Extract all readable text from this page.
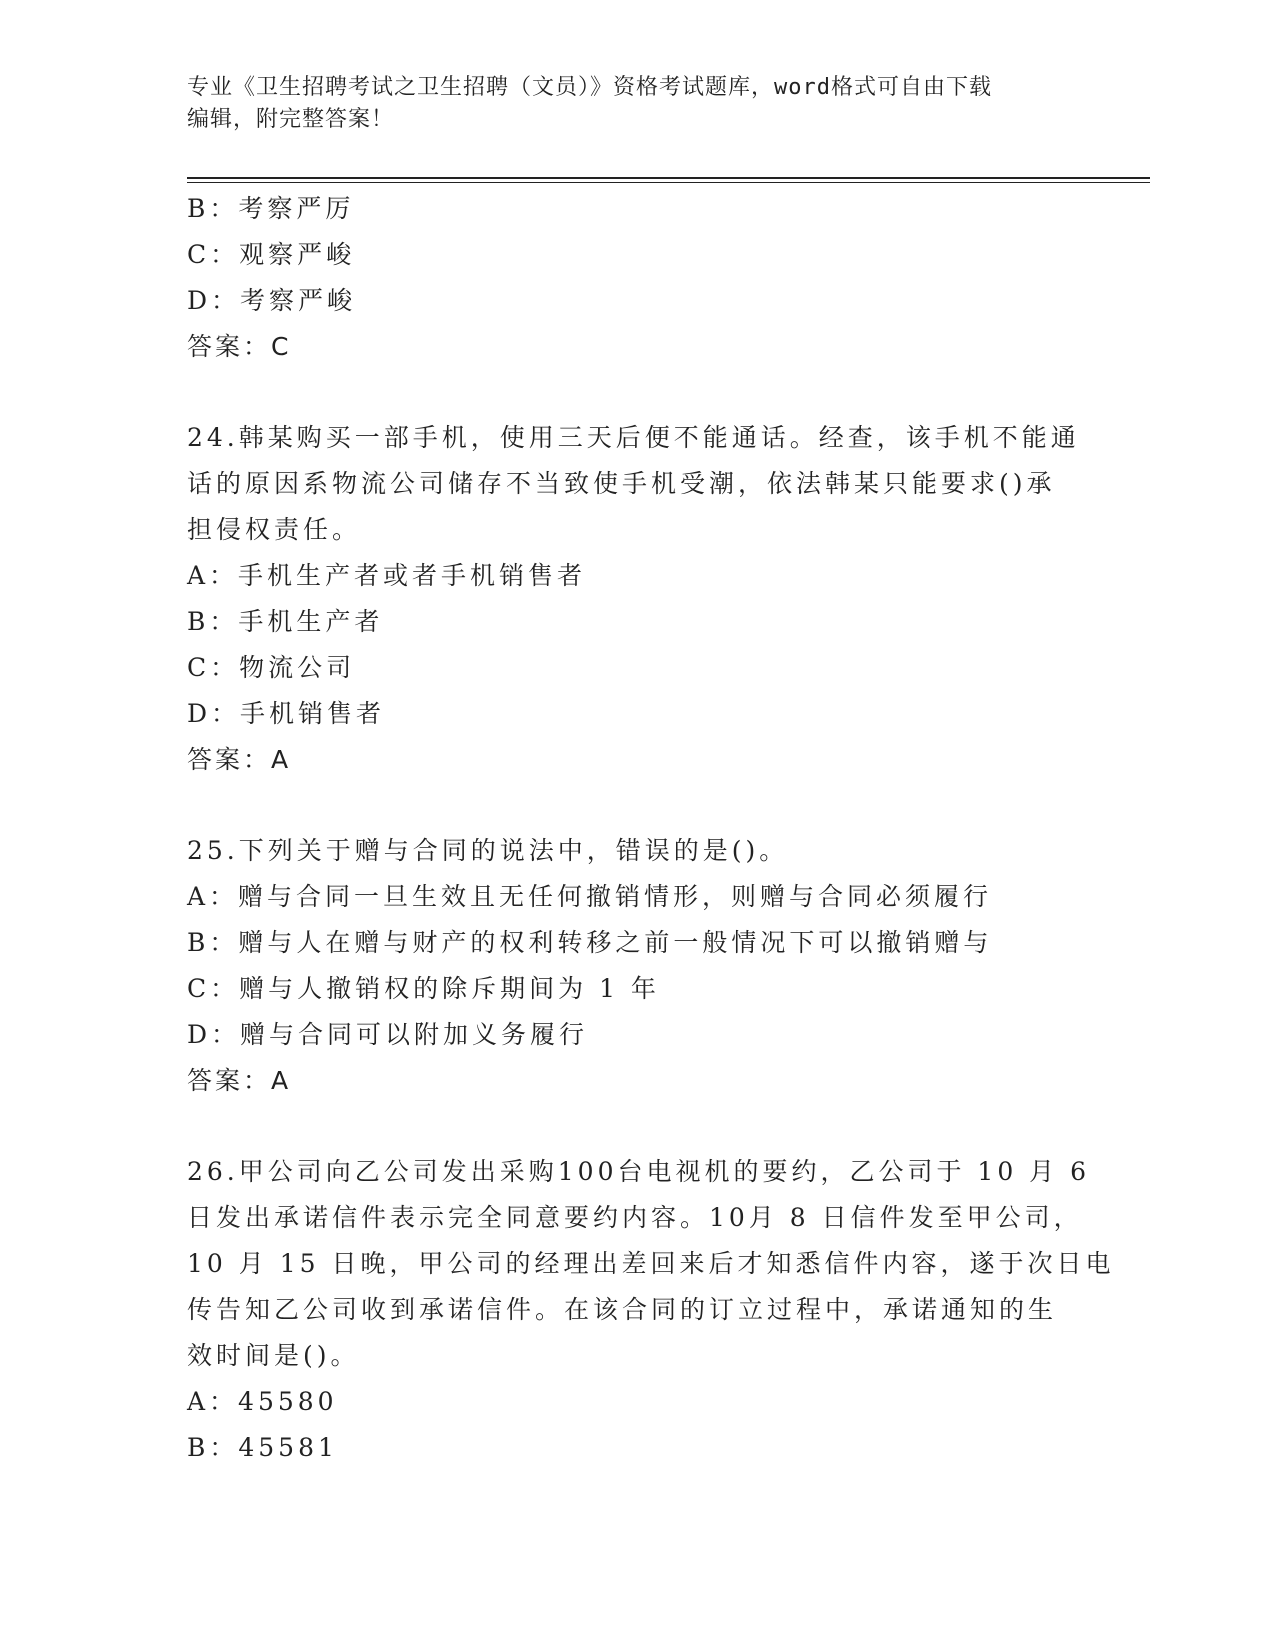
专业《卫生招聘考试之卫生招聘（文员）》资格考试题库，word格式可自由下载
编辑，附完整答案！

B：考察严厉

C：观察严峻

D：考察严峻

答案：C

24.韩某购买一部手机，使用三天后便不能通话。经查，该手机不能通

话的原因系物流公司储存不当致使手机受潮，依法韩某只能要求()承

担侵权责任。

A：手机生产者或者手机销售者

B：手机生产者

C：物流公司

D：手机销售者

答案：A

25.下列关于赠与合同的说法中，错误的是()。

A：赠与合同一旦生效且无任何撤销情形，则赠与合同必须履行

B：赠与人在赠与财产的权利转移之前一般情况下可以撤销赠与

C：赠与人撤销权的除斥期间为 1 年

D：赠与合同可以附加义务履行

答案：A

26.甲公司向乙公司发出采购100台电视机的要约，乙公司于 10 月 6

日发出承诺信件表示完全同意要约内容。10月 8 日信件发至甲公司，

10 月 15 日晚，甲公司的经理出差回来后才知悉信件内容，遂于次日电

传告知乙公司收到承诺信件。在该合同的订立过程中，承诺通知的生

效时间是()。

A：45580

B：45581
